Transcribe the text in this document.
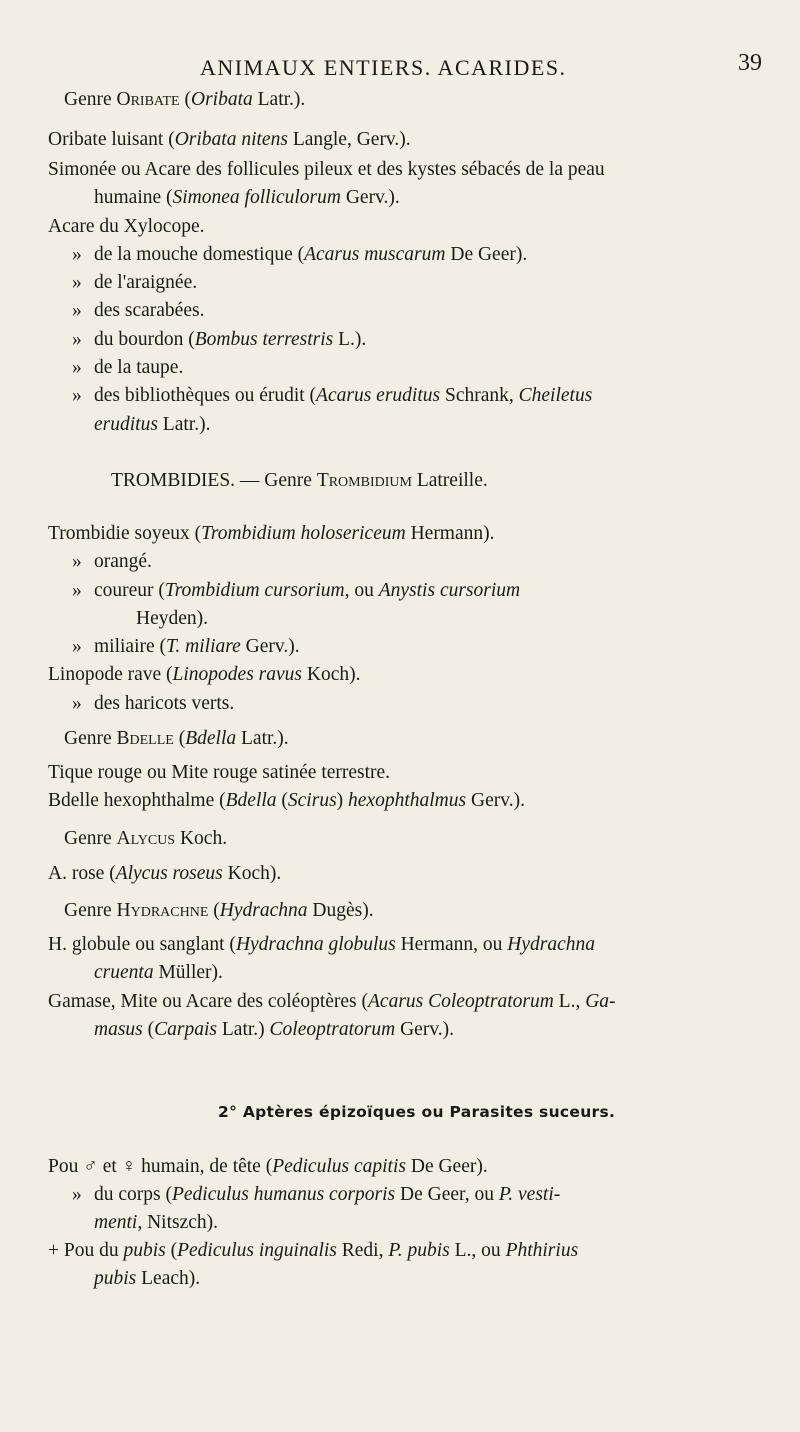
ANIMAUX ENTIERS. ACARIDES.	39
Genre Oribate (Oribata Latr.).
Oribate luisant (Oribata nitens Langle, Gerv.).
Simonée ou Acare des follicules pileux et des kystes sébacés de la peau
humaine (Simonea folliculorum Gerv.).
Acare du Xylocope.
» de la mouche domestique (Acarus muscarum De Geer).
» de l'araignée.
» des scarabées.
» du bourdon (Bombus terrestris L.).
» de la taupe.
» des bibliothèques ou érudit (Acarus eruditus Schrank, Cheiletus
eruditus Latr.).
TROMBIDIES. — Genre Trombidium Latreille.
Trombidie soyeux (Trombidium holosericeum Hermann).
» orangé.
» coureur (Trombidium cursorium, ou Anystis cursorium
Heyden).
» miliaire (T. miliare Gerv.).
Linopode rave (Linopodes ravus Koch).
» des haricots verts.
Genre Bdelle (Bdella Latr.).
Tique rouge ou Mite rouge satinée terrestre.
Bdelle hexophthalme (Bdella (Scirus) hexophthalmus Gerv.).
Genre Alycus Koch.
A. rose (Alycus roseus Koch).
Genre Hydrachne (Hydrachna Dugès).
H. globule ou sanglant (Hydrachna globulus Hermann, ou Hydrachna
cruenta Müller).
Gamase, Mite ou Acare des coléoptères (Acarus Coleoptratorum L., Ga-
masus (Carpais Latr.) Coleoptratorum Gerv.).
2° Aptères épizoïques ou Parasites suceurs.
Pou ♂ et ♀ humain, de tête (Pediculus capitis De Geer).
» du corps (Pediculus humanus corporis De Geer, ou P. vesti-
menti, Nitszch).
+ Pou du pubis (Pediculus inguinalis Redi, P. pubis L., ou Phthirius
pubis Leach).
